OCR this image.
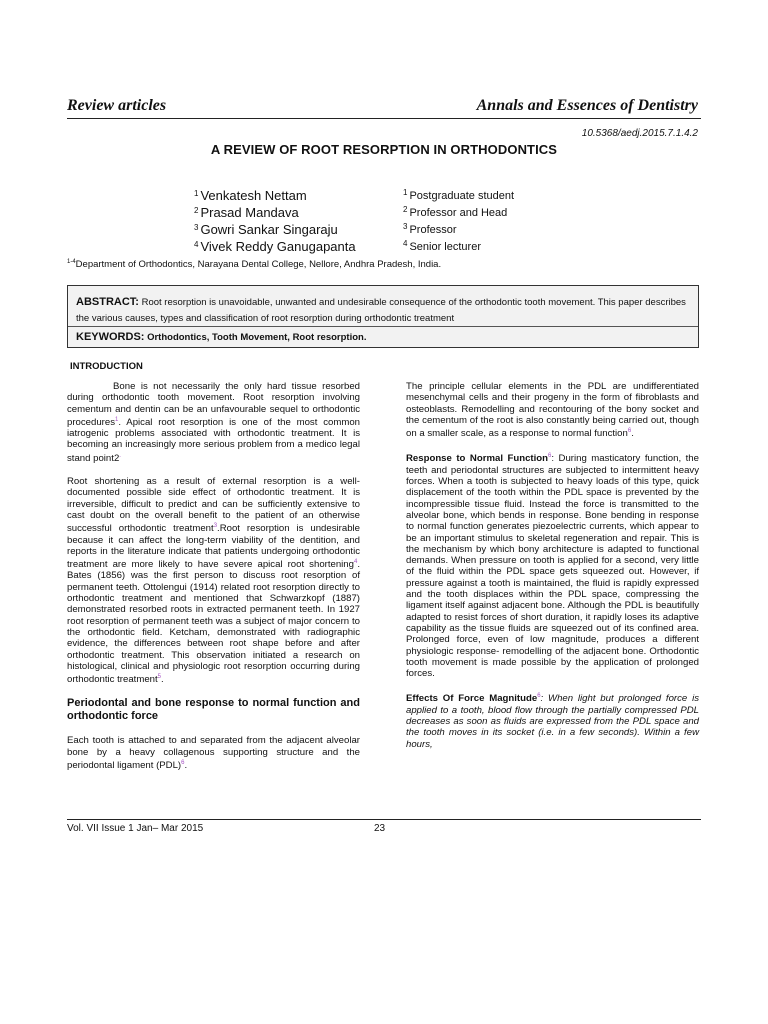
Review articles	Annals and Essences of Dentistry
10.5368/aedj.2015.7.1.4.2
A REVIEW OF ROOT RESORPTION IN ORTHODONTICS
$^1$ Venkatesh Nettam
$^2$ Prasad Mandava
$^3$ Gowri Sankar Singaraju
$^4$ Vivek Reddy Ganugapanta
$^1$ Postgraduate student
$^2$ Professor and Head
$^3$ Professor
$^4$ Senior lecturer
$^{1-4}$Department of Orthodontics, Narayana Dental College, Nellore, Andhra Pradesh, India.
ABSTRACT: Root resorption is unavoidable, unwanted and undesirable consequence of the orthodontic tooth movement. This paper describes the various causes, types and classification of root resorption during orthodontic treatment
KEYWORDS: Orthodontics, Tooth Movement, Root resorption.
INTRODUCTION

Bone is not necessarily the only hard tissue resorbed during orthodontic tooth movement. Root resorption involving cementum and dentin can be an unfavourable sequel to orthodontic procedures$^1$. Apical root resorption is one of the most common iatrogenic problems associated with orthodontic treatment. It is becoming an increasingly more serious problem from a medico legal stand point2.

Root shortening as a result of external resorption is a well-documented possible side effect of orthodontic treatment. It is irreversible, difficult to predict and can be sufficiently extensive to cast doubt on the overall benefit to the patient of an otherwise successful orthodontic treatment$^3$.Root resorption is undesirable because it can affect the long-term viability of the dentition, and reports in the literature indicate that patients undergoing orthodontic treatment are more likely to have severe apical root shortening$^4$. Bates (1856) was the first person to discuss root resorption of permanent teeth. Ottolengui (1914) related root resorption directly to orthodontic treatment and mentioned that Schwarzkopf (1887) demonstrated resorbed roots in extracted permanent teeth. In 1927 root resorption of permanent teeth was a subject of major concern to the orthodontic field. Ketcham, demonstrated with radiographic evidence, the differences between root shape before and after orthodontic treatment. This observation initiated a research on histological, clinical and physiologic root resorption occurring during orthodontic treatment$^5$.

Periodontal and bone response to normal function and orthodontic force

Each tooth is attached to and separated from the adjacent alveolar bone by a heavy collagenous supporting structure and the periodontal ligament (PDL)$^6$.

The principle cellular elements in the PDL are undifferentiated mesenchymal cells and their progeny in the form of fibroblasts and osteoblasts. Remodelling and recontouring of the bony socket and the cementum of the root is also constantly being carried out, though on a smaller scale, as a response to normal function$^6$.

Response to Normal Function$^6$: During masticatory function, the teeth and periodontal structures are subjected to intermittent heavy forces. When a tooth is subjected to heavy loads of this type, quick displacement of the tooth within the PDL space is prevented by the incompressible tissue fluid. Instead the force is transmitted to the alveolar bone, which bends in response. Bone bending in response to normal function generates piezoelectric currents, which appear to be an important stimulus to skeletal regeneration and repair. This is the mechanism by which bony architecture is adapted to functional demands. When pressure on tooth is applied for a second, very little of the fluid within the PDL space gets squeezed out. However, if pressure against a tooth is maintained, the fluid is rapidly expressed and the tooth displaces within the PDL space, compressing the ligament itself against adjacent bone. Although the PDL is beautifully adapted to resist forces of short duration, it rapidly loses its adaptive capability as the tissue fluids are squeezed out of its confined area. Prolonged force, even of low magnitude, produces a different physiologic response- remodelling of the adjacent bone. Orthodontic tooth movement is made possible by the application of prolonged forces.

Effects Of Force Magnitude$^6$: When light but prolonged force is applied to a tooth, blood flow through the partially compressed PDL decreases as soon as fluids are expressed from the PDL space and the tooth moves in its socket (i.e. in a few seconds). Within a few hours,

Vol. VII Issue 1 Jan– Mar 2015	23
